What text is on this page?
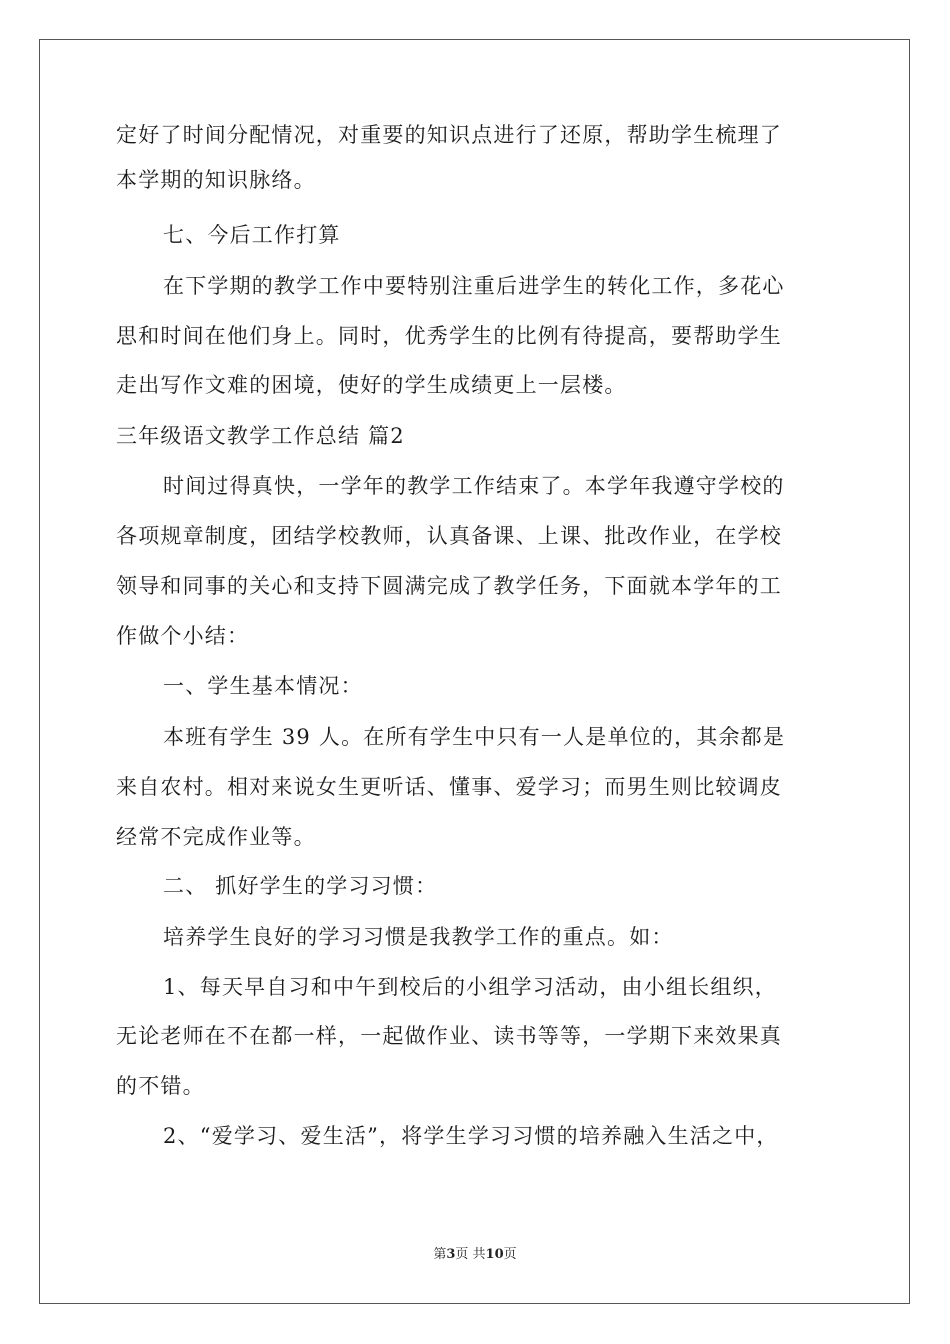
定好了时间分配情况，对重要的知识点进行了还原，帮助学生梳理了
本学期的知识脉络。
七、今后工作打算
在下学期的教学工作中要特别注重后进学生的转化工作，多花心
思和时间在他们身上。同时，优秀学生的比例有待提高，要帮助学生
走出写作文难的困境，使好的学生成绩更上一层楼。
三年级语文教学工作总结 篇2
时间过得真快，一学年的教学工作结束了。本学年我遵守学校的
各项规章制度，团结学校教师，认真备课、上课、批改作业，在学校
领导和同事的关心和支持下圆满完成了教学任务，下面就本学年的工
作做个小结：
一、学生基本情况：
本班有学生 39 人。在所有学生中只有一人是单位的，其余都是
来自农村。相对来说女生更听话、懂事、爱学习；而男生则比较调皮
经常不完成作业等。
二、 抓好学生的学习习惯：
培养学生良好的学习习惯是我教学工作的重点。如：
1、每天早自习和中午到校后的小组学习活动，由小组长组织，
无论老师在不在都一样，一起做作业、读书等等，一学期下来效果真
的不错。
2、“爱学习、爱生活”，将学生学习习惯的培养融入生活之中，
第3页 共10页
